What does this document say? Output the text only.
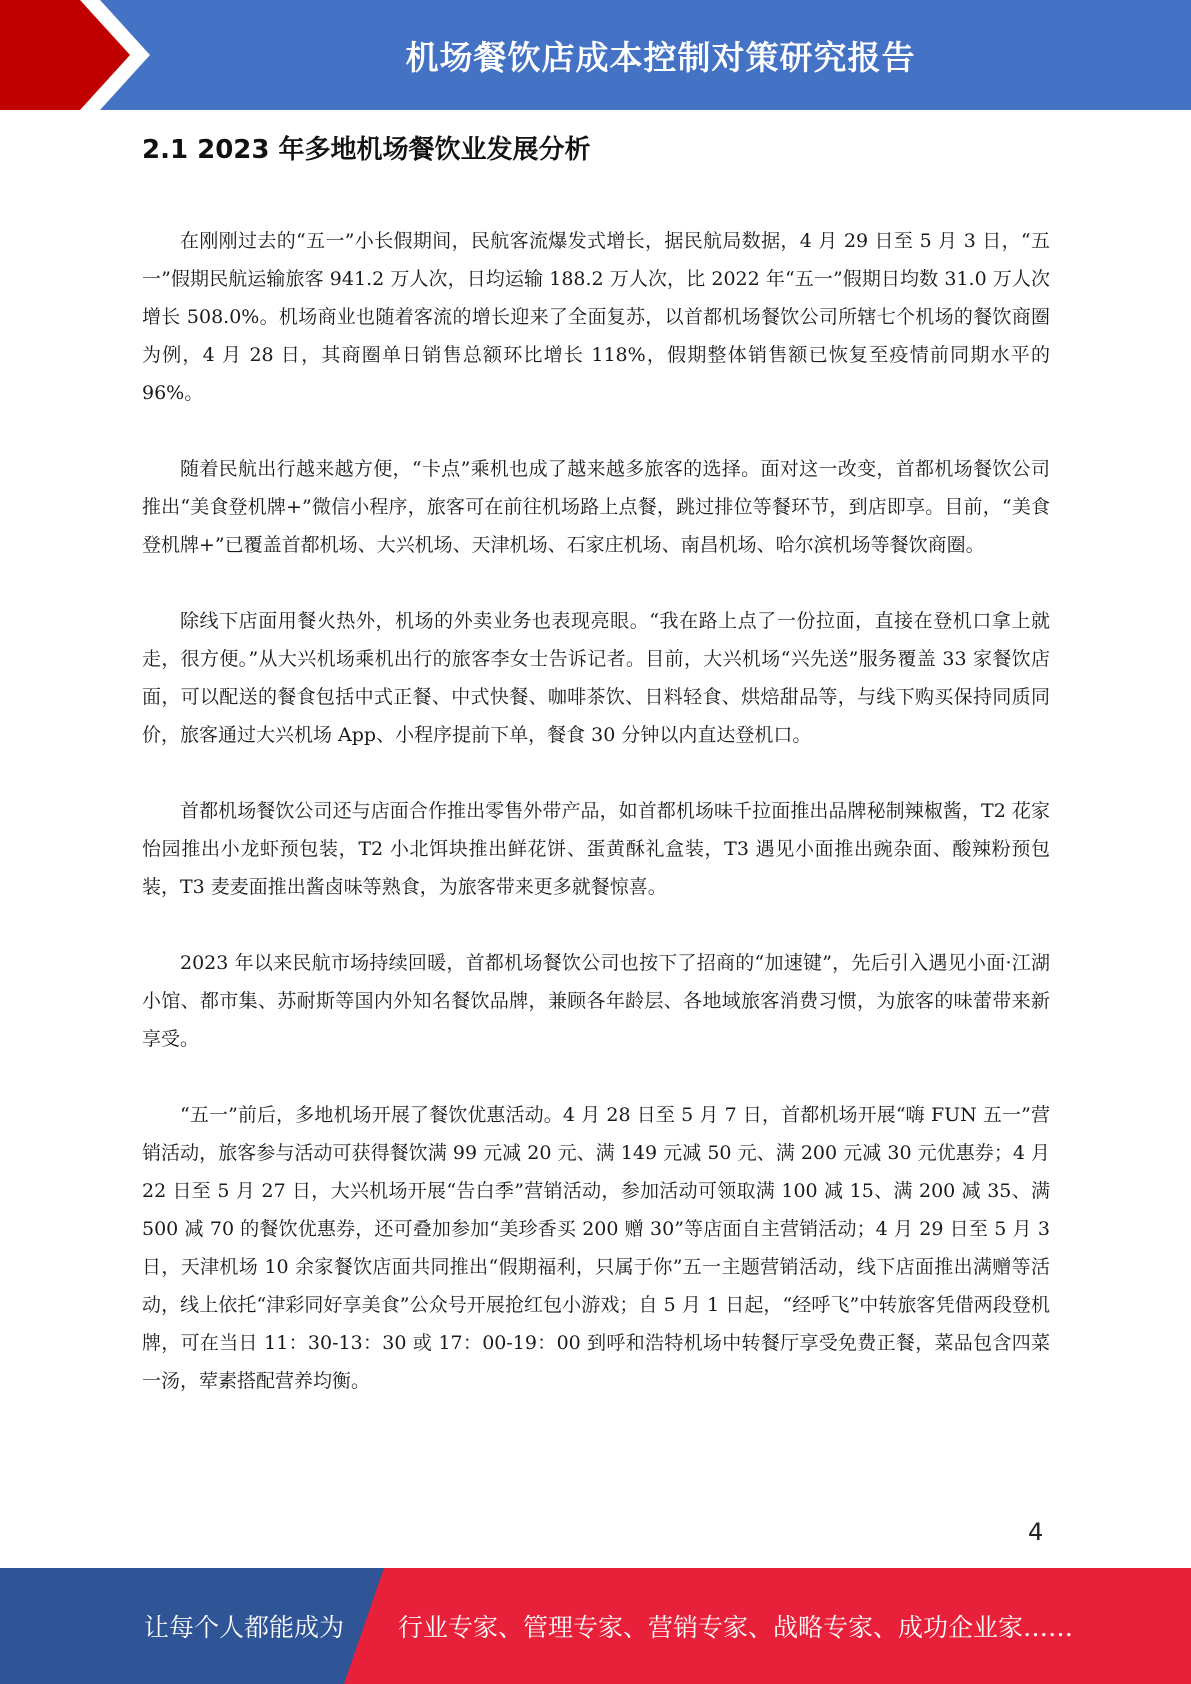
机场餐饮店成本控制对策研究报告
2.1 2023 年多地机场餐饮业发展分析

在刚刚过去的“五一”小长假期间，民航客流爆发式增长，据民航局数据，4 月 29 日至 5 月 3 日，“五一”假期民航运输旅客 941.2 万人次，日均运输 188.2 万人次，比 2022 年“五一”假期日均数 31.0 万人次增长 508.0%。机场商业也随着客流的增长迎来了全面复苏，以首都机场餐饮公司所辖七个机场的餐饮商圈为例，4 月 28 日，其商圈单日销售总额环比增长 118%，假期整体销售额已恢复至疫情前同期水平的 96%。

随着民航出行越来越方便，“卡点”乘机也成了越来越多旅客的选择。面对这一改变，首都机场餐饮公司推出“美食登机牌+”微信小程序，旅客可在前往机场路上点餐，跳过排位等餐环节，到店即享。目前，“美食登机牌+”已覆盖首都机场、大兴机场、天津机场、石家庄机场、南昌机场、哈尔滨机场等餐饮商圈。

除线下店面用餐火热外，机场的外卖业务也表现亮眼。“我在路上点了一份拉面，直接在登机口拿上就走，很方便。”从大兴机场乘机出行的旅客李女士告诉记者。目前，大兴机场“兴先送”服务覆盖 33 家餐饮店面，可以配送的餐食包括中式正餐、中式快餐、咖啡茶饮、日料轻食、烘焙甜品等，与线下购买保持同质同价，旅客通过大兴机场 App、小程序提前下单，餐食 30 分钟以内直达登机口。

首都机场餐饮公司还与店面合作推出零售外带产品，如首都机场味千拉面推出品牌秘制辣椒酱，T2 花家怡园推出小龙虾预包装，T2 小北饵块推出鲜花饼、蛋黄酥礼盒装，T3 遇见小面推出豌杂面、酸辣粉预包装，T3 麦麦面推出酱卤味等熟食，为旅客带来更多就餐惊喜。

2023 年以来民航市场持续回暖，首都机场餐饮公司也按下了招商的“加速键”，先后引入遇见小面·江湖小馆、都市集、苏耐斯等国内外知名餐饮品牌，兼顾各年龄层、各地域旅客消费习惯，为旅客的味蕾带来新享受。

“五一”前后，多地机场开展了餐饮优惠活动。4 月 28 日至 5 月 7 日，首都机场开展“嗨 FUN 五一”营销活动，旅客参与活动可获得餐饮满 99 元减 20 元、满 149 元减 50 元、满 200 元减 30 元优惠券；4 月 22 日至 5 月 27 日，大兴机场开展“告白季”营销活动，参加活动可领取满 100 减 15、满 200 减 35、满 500 减 70 的餐饮优惠券，还可叠加参加“美珍香买 200 赠 30”等店面自主营销活动；4 月 29 日至 5 月 3 日，天津机场 10 余家餐饮店面共同推出“假期福利，只属于你”五一主题营销活动，线下店面推出满赠等活动，线上依托“津彩同好享美食”公众号开展抢红包小游戏；自 5 月 1 日起，“经呼飞”中转旅客凭借两段登机牌，可在当日 11：30-13：30 或 17：00-19：00 到呼和浩特机场中转餐厅享受免费正餐，菜品包含四菜一汤，荤素搭配营养均衡。

4
让每个人都能成为 行业专家、管理专家、营销专家、战略专家、成功企业家……
